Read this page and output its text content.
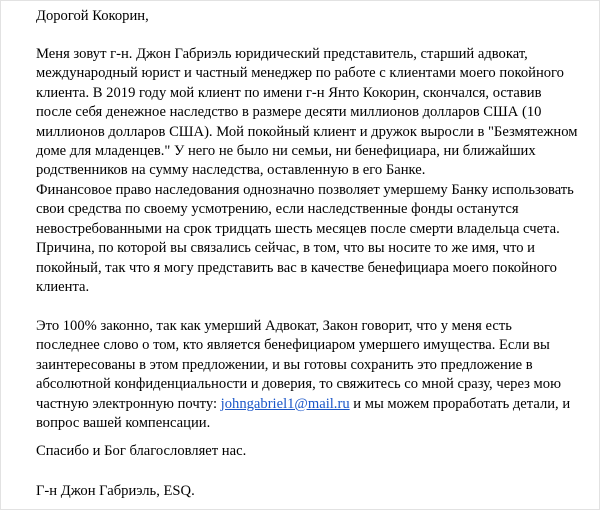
Дорогой Кокорин,

Меня зовут г-н. Джон Габриэль юридический представитель, старший адвокат,
международный юрист и частный менеджер по работе с клиентами моего покойного
клиента. В 2019 году мой клиент по имени г-н Янто Кокорин, скончался, оставив
после себя денежное наследство в размере десяти миллионов долларов США (10
миллионов долларов США). Мой покойный клиент и дружок выросли в "Безмятежном
доме для младенцев." У него не было ни семьи, ни бенефициара, ни ближайших
родственников на сумму наследства, оставленную в его Банке.

Финансовое право наследования однозначно позволяет умершему Банку использовать
свои средства по своему усмотрению, если наследственные фонды останутся
невостребованными на срок тридцать шесть месяцев после смерти владельца счета.
Причина, по которой вы связались сейчас, в том, что вы носите то же имя, что и
покойный, так что я могу представить вас в качестве бенефициара моего покойного
клиента.

Это 100% законно, так как умерший Адвокат, Закон говорит, что у меня есть
последнее слово о том, кто является бенефициаром умершего имущества. Если вы
заинтересованы в этом предложении, и вы готовы сохранить это предложение в
абсолютной конфиденциальности и доверия, то свяжитесь со мной сразу, через мою
частную электронную почту: johngabriel1@mail.ru и мы можем проработать детали, и
вопрос вашей компенсации.

Спасибо и Бог благословляет нас.

Г-н Джон Габриэль, ESQ.
